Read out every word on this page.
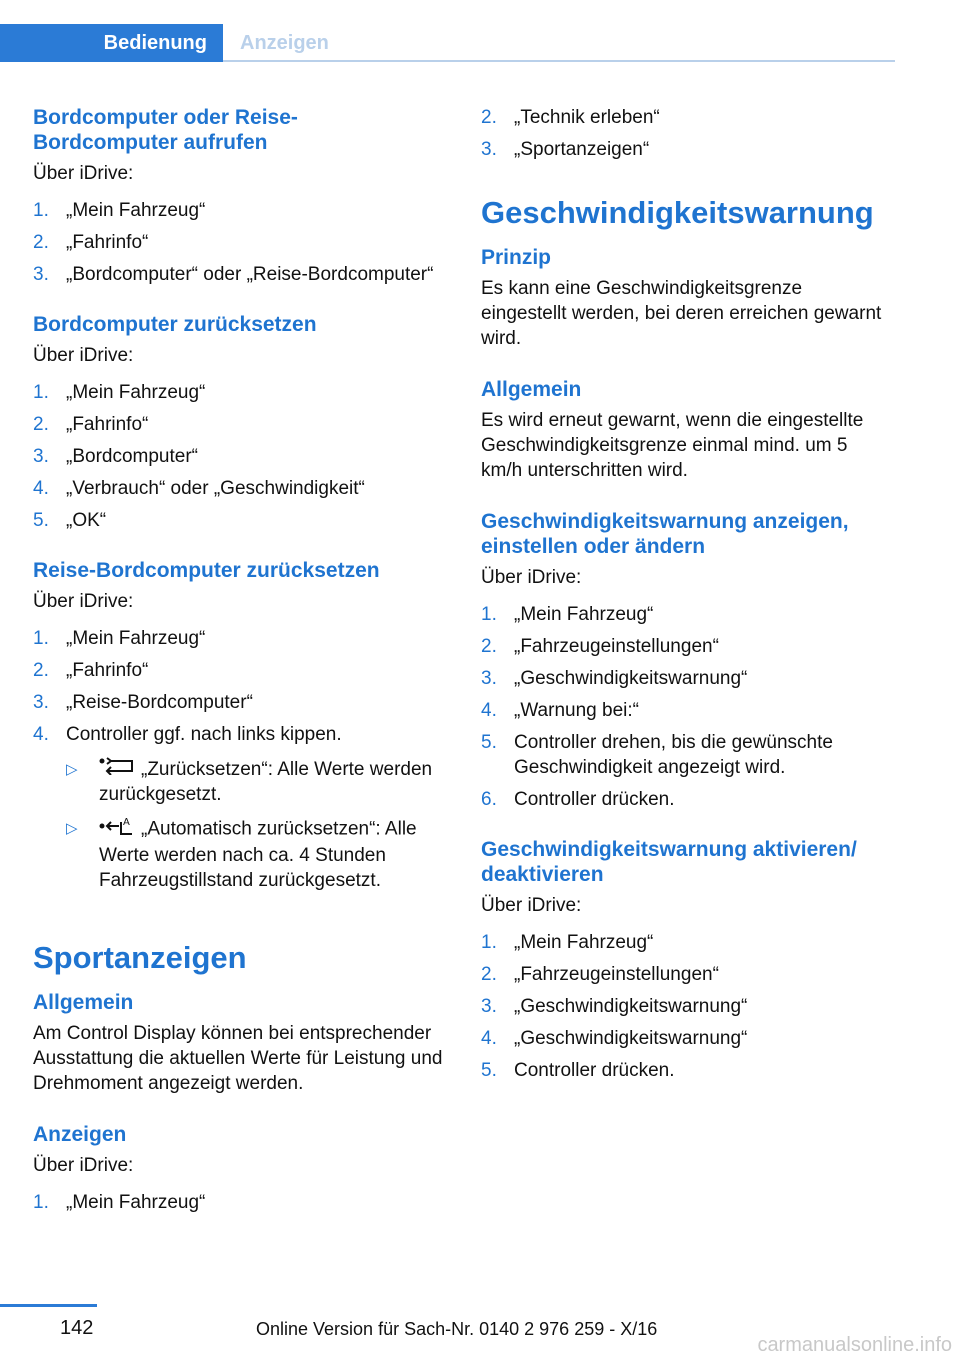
Bedienung	Anzeigen
Bordcomputer oder Reise-
Bordcomputer aufrufen

Über iDrive:

1. „Mein Fahrzeug“
2. „Fahrinfo“
3. „Bordcomputer“ oder „Reise-Bordcomputer“
Bordcomputer zurücksetzen

Über iDrive:

1. „Mein Fahrzeug“
2. „Fahrinfo“
3. „Bordcomputer“
4. „Verbrauch“ oder „Geschwindigkeit“
5. „OK“
Reise-Bordcomputer zurücksetzen

Über iDrive:

1. „Mein Fahrzeug“
2. „Fahrinfo“
3. „Reise-Bordcomputer“
4. Controller ggf. nach links kippen.
▷	„Zurücksetzen“: Alle Werte werden zurückgesetzt.
▷	A „Automatisch zurücksetzen“: Alle Werte werden nach ca. 4 Stunden Fahrzeugstillstand zurückgesetzt.
Sportanzeigen
Allgemein

Am Control Display können bei entsprechender Ausstattung die aktuellen Werte für Leistung und Drehmoment angezeigt werden.

Anzeigen

Über iDrive:

1. „Mein Fahrzeug“
2. „Technik erleben“
3. „Sportanzeigen“
Geschwindigkeitswarnung
Prinzip

Es kann eine Geschwindigkeitsgrenze eingestellt werden, bei deren erreichen gewarnt wird.

Allgemein

Es wird erneut gewarnt, wenn die eingestellte Geschwindigkeitsgrenze einmal mind. um 5 km/h unterschritten wird.

Geschwindigkeitswarnung anzeigen, einstellen oder ändern

Über iDrive:

1. „Mein Fahrzeug“
2. „Fahrzeugeinstellungen“
3. „Geschwindigkeitswarnung“
4. „Warnung bei:“
5. Controller drehen, bis die gewünschte Geschwindigkeit angezeigt wird.
6. Controller drücken.
Geschwindigkeitswarnung aktivieren/
deaktivieren

Über iDrive:

1. „Mein Fahrzeug“
2. „Fahrzeugeinstellungen“
3. „Geschwindigkeitswarnung“
4. „Geschwindigkeitswarnung“
5. Controller drücken.
142	Online Version für Sach-Nr. 0140 2 976 259 - X/16
carmanualsonline.info
